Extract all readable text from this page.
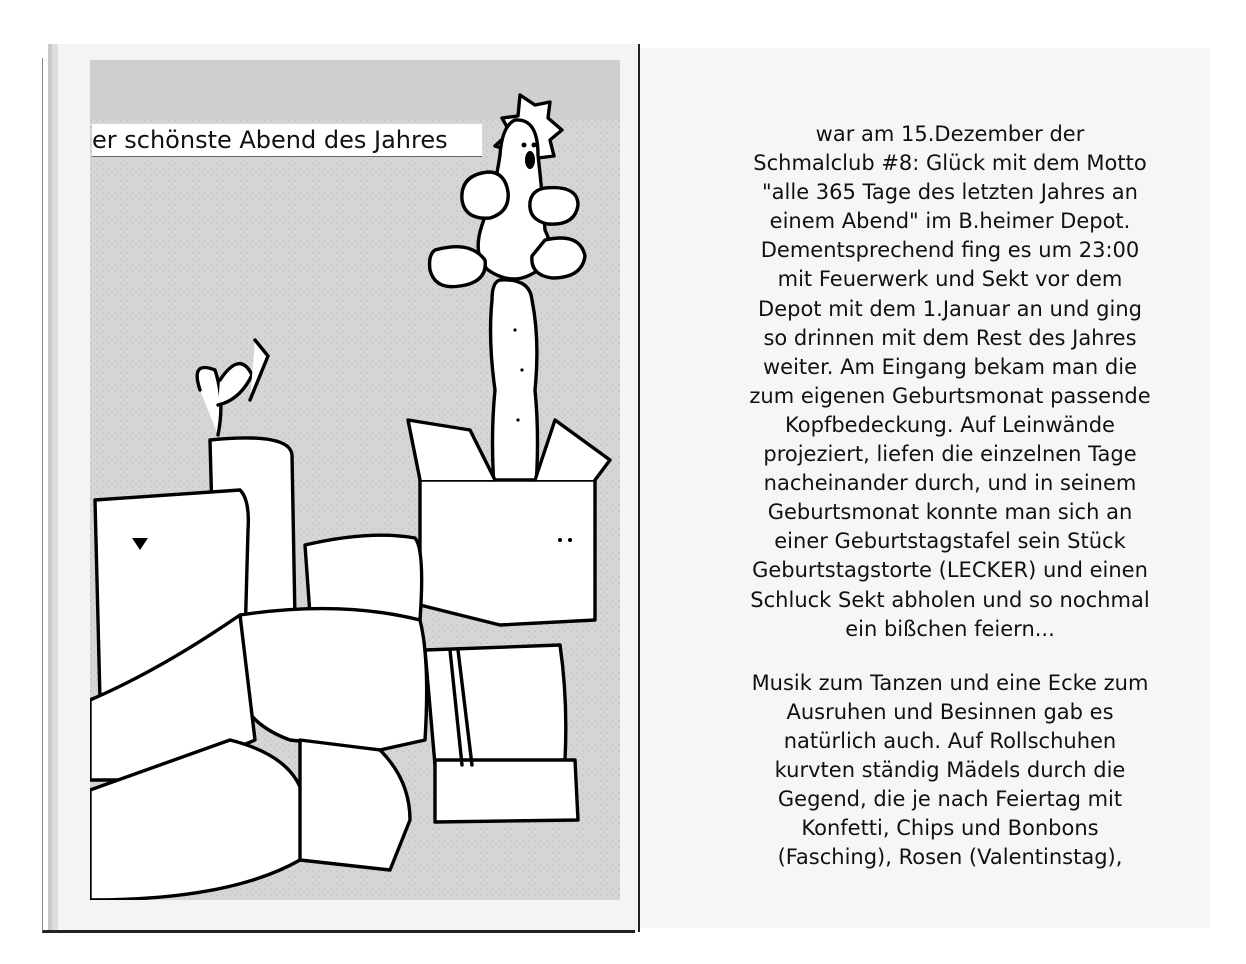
er schönste Abend des Jahres	war am 15.Dezember der
Schmalclub #8: Glück mit dem Motto
"alle 365 Tage des letzten Jahres an
einem Abend" im B.heimer Depot.
Dementsprechend fing es um 23:00
mit Feuerwerk und Sekt vor dem
Depot mit dem 1.Januar an und ging
so drinnen mit dem Rest des Jahres
weiter. Am Eingang bekam man die
zum eigenen Geburtsmonat passende
Kopfbedeckung. Auf Leinwände
projeziert, liefen die einzelnen Tage
nacheinander durch, und in seinem
Geburtsmonat konnte man sich an
einer Geburtstagstafel sein Stück
Geburtstagstorte (LECKER) und einen
Schluck Sekt abholen und so nochmal
ein bißchen feiern...

Musik zum Tanzen und eine Ecke zum
Ausruhen und Besinnen gab es
natürlich auch. Auf Rollschuhen
kurvten ständig Mädels durch die
Gegend, die je nach Feiertag mit
Konfetti, Chips und Bonbons
(Fasching), Rosen (Valentinstag),
